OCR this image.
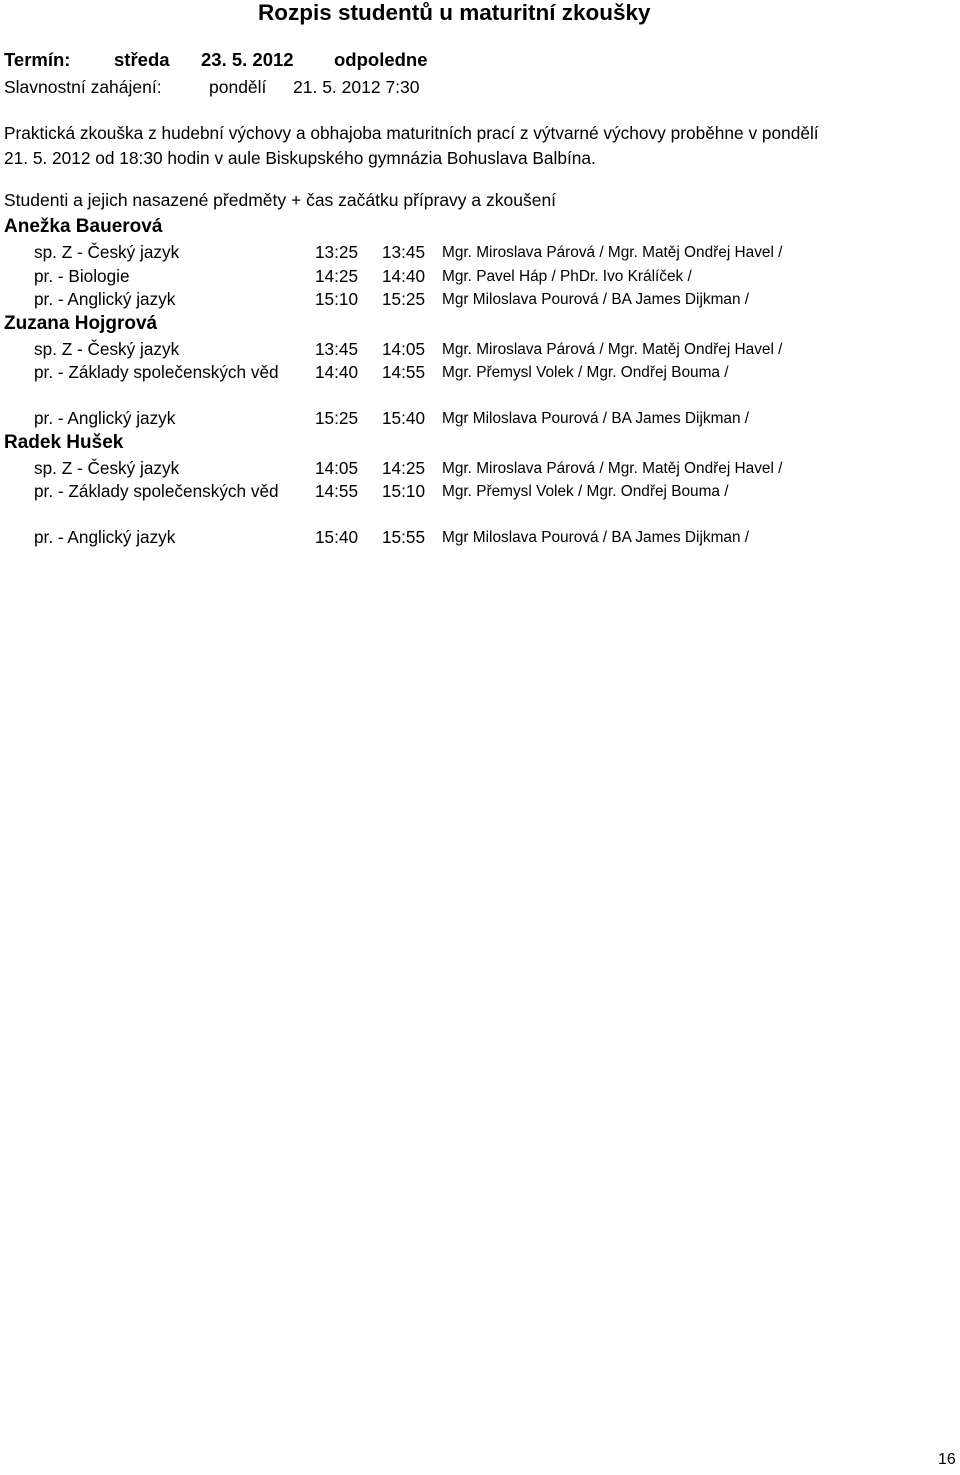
Rozpis studentů u maturitní zkoušky
Termín: středa 23. 5. 2012 odpoledne
Slavnostní zahájení:	pondělí 21. 5. 2012 7:30
Praktická zkouška z hudební výchovy a obhajoba maturitních prací z výtvarné výchovy proběhne v pondělí
21. 5. 2012 od 18:30 hodin v aule Biskupského gymnázia Bohuslava Balbína.
Studenti a jejich nasazené předměty + čas začátku přípravy a zkoušení
Anežka Bauerová
sp. Z - Český jazyk	13:25 13:45 Mgr. Miroslava Párová / Mgr. Matěj Ondřej Havel /
pr. - Biologie	14:25 14:40 Mgr. Pavel Háp / PhDr. Ivo Králíček /
pr. - Anglický jazyk	15:10 15:25 Mgr Miloslava Pourová / BA James Dijkman /
Zuzana Hojgrová
sp. Z - Český jazyk	13:45 14:05 Mgr. Miroslava Párová / Mgr. Matěj Ondřej Havel /
pr. - Základy společenských věd	14:40 14:55 Mgr. Přemysl Volek / Mgr. Ondřej Bouma /
pr. - Anglický jazyk	15:25 15:40 Mgr Miloslava Pourová / BA James Dijkman /
Radek Hušek
sp. Z - Český jazyk	14:05 14:25 Mgr. Miroslava Párová / Mgr. Matěj Ondřej Havel /
pr. - Základy společenských věd	14:55 15:10 Mgr. Přemysl Volek / Mgr. Ondřej Bouma /
pr. - Anglický jazyk	15:40 15:55 Mgr Miloslava Pourová / BA James Dijkman /
16
